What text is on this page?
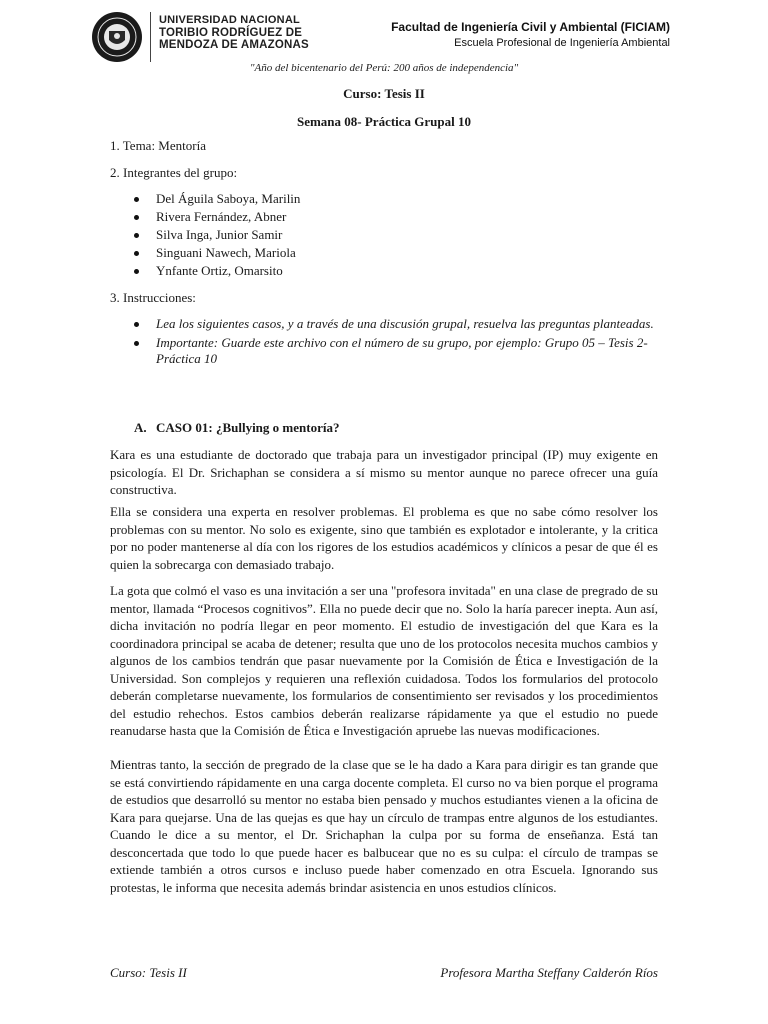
UNIVERSIDAD NACIONAL
TORIBIO RODRÍGUEZ DE
MENDOZA DE AMAZONAS
Facultad de Ingeniería Civil y Ambiental (FICIAM)
Escuela Profesional de Ingeniería Ambiental
"Año del bicentenario del Perú: 200 años de independencia"
Curso: Tesis II
Semana 08- Práctica Grupal 10
1. Tema: Mentoría
2. Integrantes del grupo:
Del Águila Saboya, Marilin
Rivera Fernández, Abner
Silva Inga, Junior Samir
Singuani Nawech, Mariola
Ynfante Ortiz, Omarsito
3. Instrucciones:
Lea los siguientes casos, y a través de una discusión grupal, resuelva las preguntas planteadas.
Importante: Guarde este archivo con el número de su grupo, por ejemplo: Grupo 05 – Tesis 2- Práctica 10
A. CASO 01: ¿Bullying o mentoría?

Kara es una estudiante de doctorado que trabaja para un investigador principal (IP) muy exigente en psicología. El Dr. Srichaphan se considera a sí mismo su mentor aunque no parece ofrecer una guía constructiva.

Ella se considera una experta en resolver problemas. El problema es que no sabe cómo resolver los problemas con su mentor. No solo es exigente, sino que también es explotador e intolerante, y la critica por no poder mantenerse al día con los rigores de los estudios académicos y clínicos a pesar de que él es quien la sobrecarga con demasiado trabajo.

La gota que colmó el vaso es una invitación a ser una "profesora invitada" en una clase de pregrado de su mentor, llamada “Procesos cognitivos”. Ella no puede decir que no. Solo la haría parecer inepta. Aun así, dicha invitación no podría llegar en peor momento. El estudio de investigación del que Kara es la coordinadora principal se acaba de detener; resulta que uno de los protocolos necesita muchos cambios y algunos de los cambios tendrán que pasar nuevamente por la Comisión de Ética e Investigación de la Universidad. Son complejos y requieren una reflexión cuidadosa. Todos los formularios del protocolo deberán completarse nuevamente, los formularios de consentimiento ser revisados y los procedimientos del estudio rehechos. Estos cambios deberán realizarse rápidamente ya que el estudio no puede reanudarse hasta que la Comisión de Ética e Investigación apruebe las nuevas modificaciones.

Mientras tanto, la sección de pregrado de la clase que se le ha dado a Kara para dirigir es tan grande que se está convirtiendo rápidamente en una carga docente completa. El curso no va bien porque el programa de estudios que desarrolló su mentor no estaba bien pensado y muchos estudiantes vienen a la oficina de Kara para quejarse. Una de las quejas es que hay un círculo de trampas entre algunos de los estudiantes. Cuando le dice a su mentor, el Dr. Srichaphan la culpa por su forma de enseñanza. Está tan desconcertada que todo lo que puede hacer es balbucear que no es su culpa: el círculo de trampas se extiende también a otros cursos e incluso puede haber comenzado en otra Escuela. Ignorando sus protestas, le informa que necesita además brindar asistencia en unos estudios clínicos.

Curso: Tesis II	Profesora Martha Steffany Calderón Ríos
